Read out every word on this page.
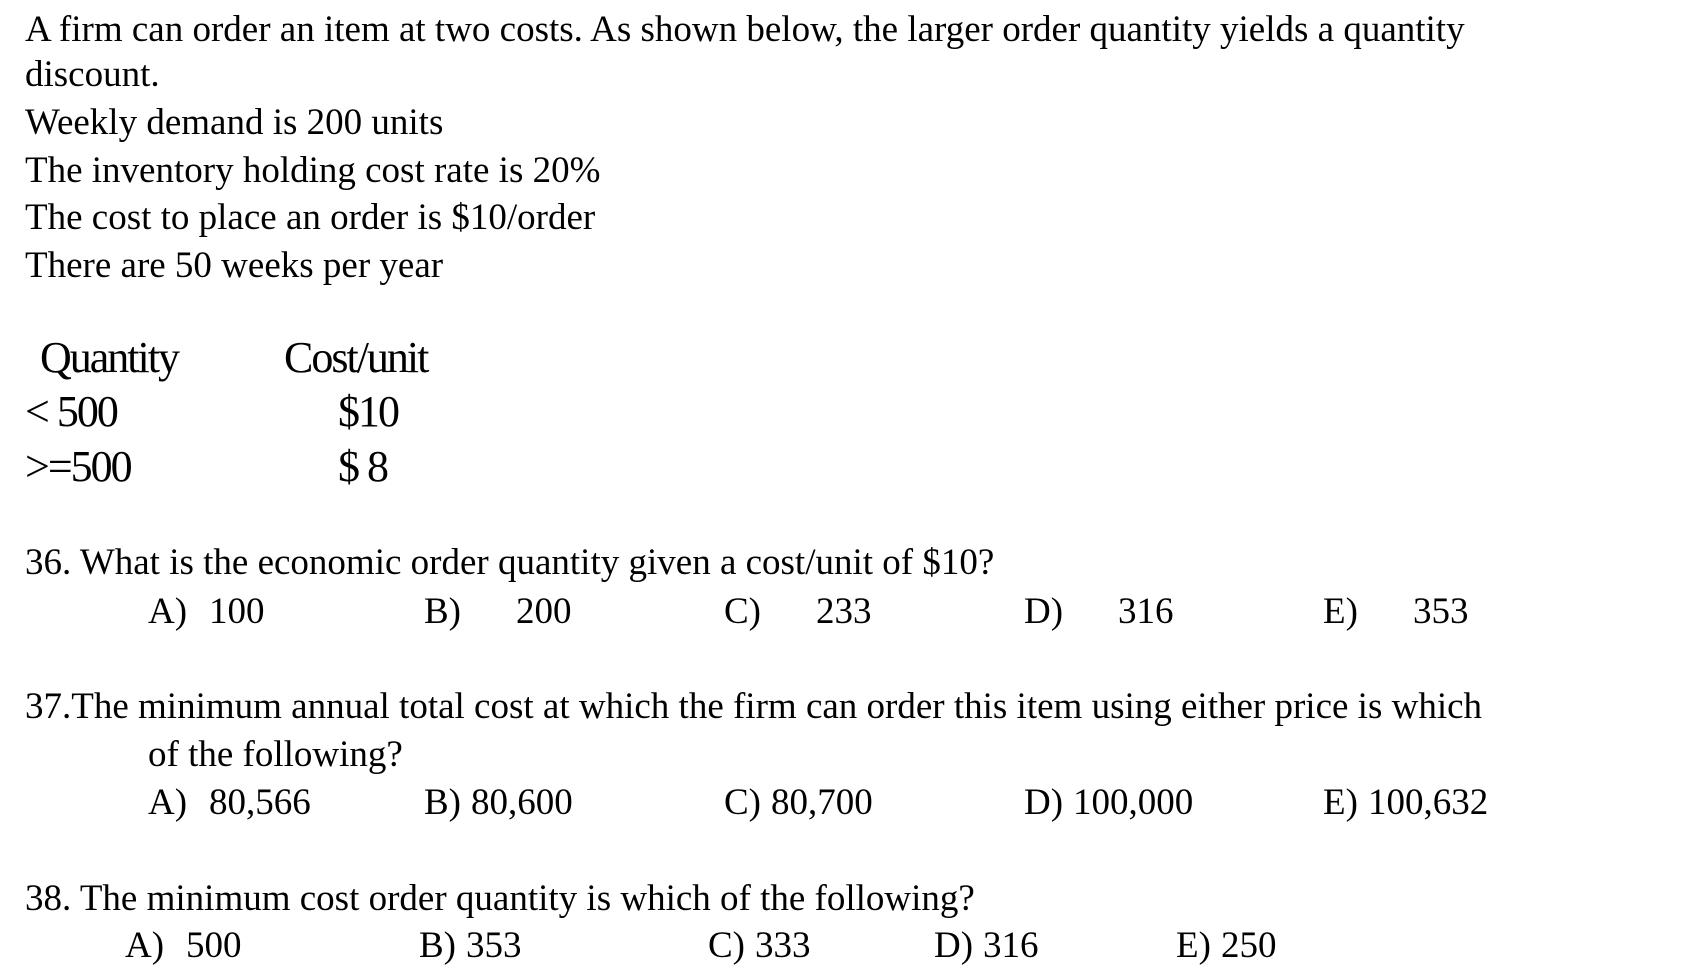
A firm can order an item at two costs. As shown below, the larger order quantity yields a quantity
discount.
Weekly demand is 200 units
The inventory holding cost rate is 20%
The cost to place an order is $10/order
There are 50 weeks per year
Quantity Cost/unit
< 500	$10
>=500	$ 8
36. What is the economic order quantity given a cost/unit of $10?
A) 100	B) 200	C) 233	D) 316	E) 353
37.The minimum annual total cost at which the firm can order this item using either price is which
of the following?
A) 80,566	B) 80,600	C) 80,700	D) 100,000	E) 100,632
38. The minimum cost order quantity is which of the following?
A) 500	B) 353	C) 333	D) 316	E) 250
